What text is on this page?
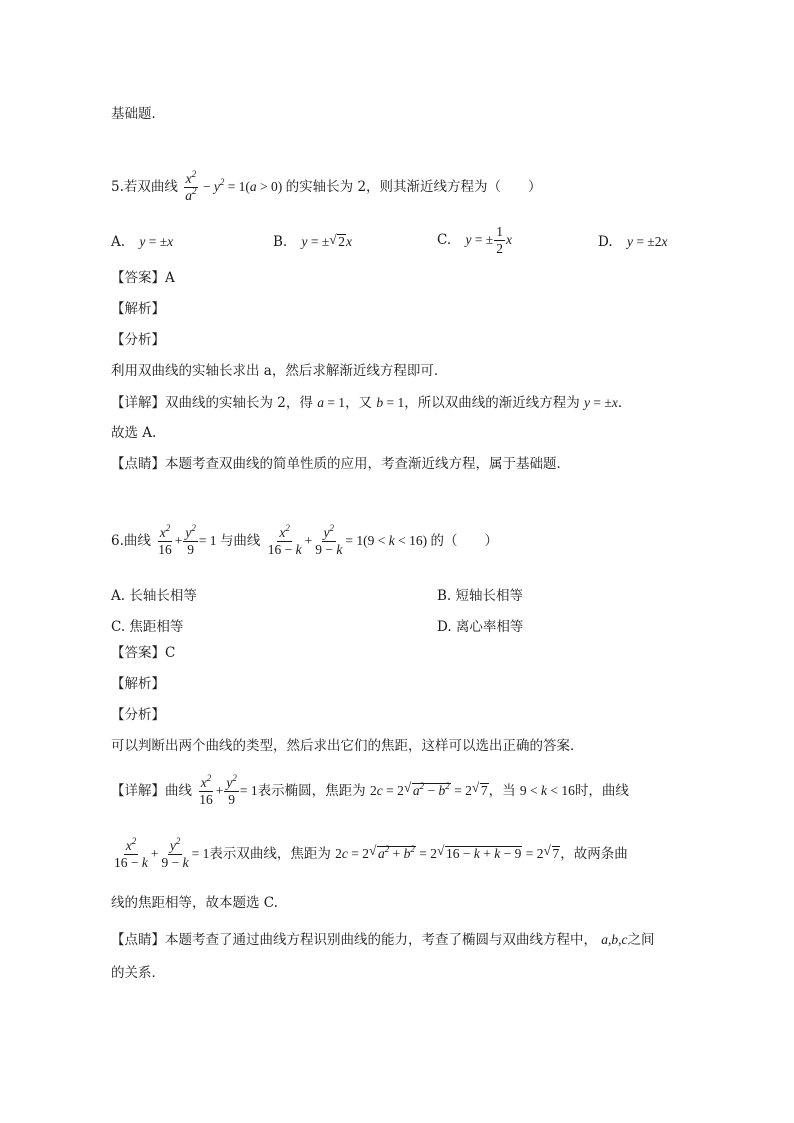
基础题．
5.若双曲线 $\frac{x^2}{a^2} - y^2 = 1(a > 0)$ 的实轴长为 2，则其渐近线方程为（　　）
A. y = ±x	B. y = ±√ 2x	C. y = ± $\frac{1}{2}$ x	D. y = ±2x
【答案】A
【解析】
【分析】
利用双曲线的实轴长求出 a，然后求解渐近线方程即可．
【详解】双曲线的实轴长为 2，得 a = 1，又 b = 1，所以双曲线的渐近线方程为 y = ±x．
故选 A.
【点睛】本题考查双曲线的简单性质的应用，考查渐近线方程，属于基础题．
6.曲线 $\frac{x^2}{16} + \frac{y^2}{9} = 1$ 与曲线 $\frac{x^2}{16 - k} + \frac{y^2}{9 - k} = 1(9 < k < 16)$ 的（　　）
A. 长轴长相等	B. 短轴长相等
C. 焦距相等	D. 离心率相等
【答案】C
【解析】
【分析】
可以判断出两个曲线的类型，然后求出它们的焦距，这样可以选出正确的答案．
【详解】曲线 $\frac{x^2}{16} + \frac{y^2}{9} = 1$表示椭圆，焦距为 2c = 2√ $a^2 - b^2 = 2√$ 7，当 9 < k < 16时，曲线
$\frac{x^2}{16 - k} + \frac{y^2}{9 - k} = 1$表示双曲线，焦距为 2c = 2√ $a^2 + b^2 = 2√$ 16 − k + k − 9 = 2√ 7，故两条曲
线的焦距相等，故本题选 C.
【点睛】本题考查了通过曲线方程识别曲线的能力，考查了椭圆与双曲线方程中， a,b,c之间
的关系．
